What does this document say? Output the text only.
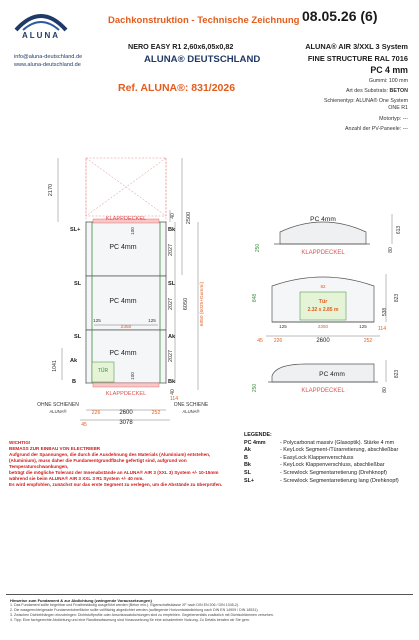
ALUNA
info@aluna-deutschland.de
www.aluna-deutschland.de
Dachkonstruktion - Technische Zeichnung 08.05.26 (6)
NERO EASY R1 2,60x6,05x0,82
ALUNA® DEUTSCHLAND
Ref. ALUNA®: 831/2026
ALUNA® AIR 3/XXL 3 System
FINE STRUCTURE RAL 7016
PC 4 mm
Gummi: 100 mm
Art des Substrats: BETON
Schienentyp: ALUNA® One System
ONE R1
Motortyp: ---
Anzahl der PV-Paneele: ---
2170
2500
40
2027
2027
2027
6050 6050 (6025+Gummi)
40
100
100
1041
KLAPPDECKEL
KLAPPDECKEL
PC 4mm
PC 4mm
PC 4mm
TÜR
SL+
SL
SL
Ak
B
Bk
SL
Ak
Bk
125	125
2350
114
45
226	2600	252
3078
OHNE SCHIENEN
ALUNA®
ONE SCHIENE
ALUNA®
PC 4mm
KLAPPDECKEL
250	80
613
Tür
2.32 x 2.85 m
82
848	823
538
114
125	125
2350
45 226	2600	252
PC 4mm
KLAPPDECKEL
250	80
823
LEGENDE:
PC 4mm	- Polycarbonat massiv (Glasoptik). Stärke 4 mm
Ak	- KeyLock Segment-/Türarretierung, abschließbar
B	- EasyLock Klappenverschluss
Bk	- KeyLock Klappenverschluss, abschließbar
SL	- Screwlock Segmentarretierung (Drehknopf)
SL+	- Screwlock Segmentarretierung lang (Drehknopf)
WICHTIG!
BEMASS ZUR EINBAU VON ELECTRIEBR
Aufgrund der Spannungen, die durch die Ausdehnung des Materials (Aluminium) entstehen,
(Aluminium), muss daher die Fundamentgrundfläche gefertigt sind, aufgrund von Temperaturschwankungen,
beträgt die mögliche Toleranz der Innenabstände an ALUNA® AIR 3 (XXL 3) System +/- 10-15mm
während sie beim ALUNA® AIR 3 XXL 3 R1 System +/- 40 mm.
Es wird empfohlen, zunächst nur das erste Segment zu verlegen, um die Abstände zu überprüfen.
Hinweise zum Fundament & zur Abdichtung (zwingende Voraussetzungen)
1. Das Fundament sollte begehbar und Frostbeständig ausgeführt werden (Beton min.). Eigenschaftsklasse XF nach DIN EN 206 / DIN 1045-2).
2. Die waagerechte/gerade Fundamentoberfläche sollte vollflächig abgedichtet werden (aufliegende Horizontalabdichtung nach DIN EN 14909 / DIN 18531).
3. Zwischen Dichtebhängen einzubringen: Dichtstoffprofile oder Anschlussabdichtungen sind zu empfehlen. Gegebenenfalls zusätzlich mit Dichtschlämmen versehen.
4. Tipp: Eine fachgerechte Abdichtung und eine Randbewässerung sind Voraussetzung für eine schadenfreie Nutzung. Zu Details beraten wir Sie gern.
